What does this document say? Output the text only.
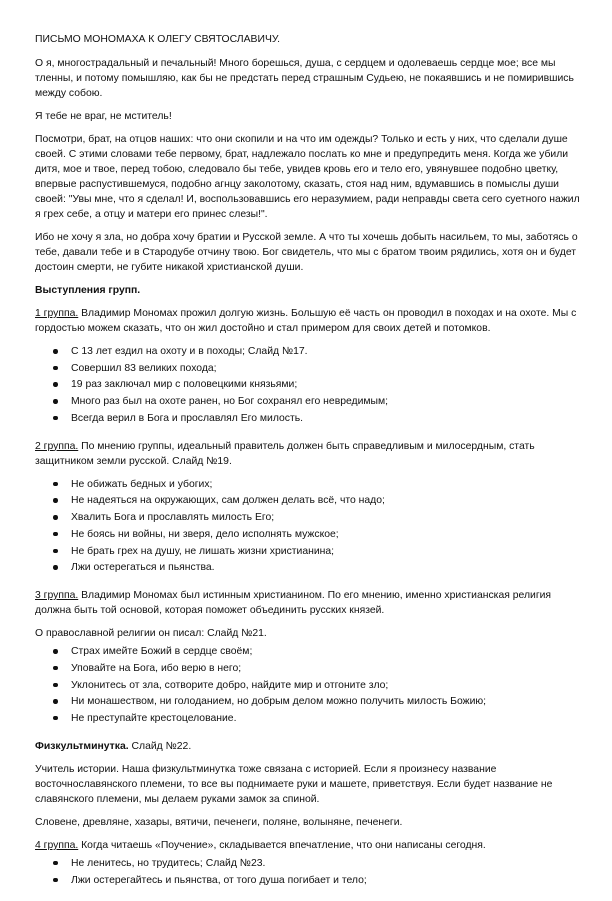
ПИСЬМО МОНОМАХА К ОЛЕГУ СВЯТОСЛАВИЧУ.

О я, многострадальный и печальный! Много борешься, душа, с сердцем и одолеваешь сердце мое; все мы тленны, и потому помышляю, как бы не предстать перед страшным Судьею, не покаявшись и не помирившись между собою.

Я тебе не враг, не мститель!

Посмотри, брат, на отцов наших: что они скопили и на что им одежды? Только и есть у них, что сделали душе своей. С этими словами тебе первому, брат, надлежало послать ко мне и предупредить меня. Когда же убили дитя, мое и твое, перед тобою, следовало бы тебе, увидев кровь его и тело его, увянувшее подобно цветку, впервые распустившемуся, подобно агнцу заколотому, сказать, стоя над ним, вдумавшись в помыслы души своей: "Увы мне, что я сделал! И, воспользовавшись его неразумием, ради неправды света сего суетного нажил я грех себе, а отцу и матери его принес слезы!".

Ибо не хочу я зла, но добра хочу братии и Русской земле. А что ты хочешь добыть насильем, то мы, заботясь о тебе, давали тебе и в Стародубе отчину твою. Бог свидетель, что мы с братом твоим рядились, хотя он и будет достоин смерти, не губите никакой христианской души.

Выступления групп.

1 группа. Владимир Мономах прожил долгую жизнь. Большую её часть он проводил в походах и на охоте. Мы с гордостью можем сказать, что он жил достойно и стал примером для своих детей и потомков.

С 13 лет ездил на охоту и в походы; Слайд №17.
Совершил 83 великих похода;
19 раз заключал мир с половецкими князьями;
Много раз был на охоте ранен, но Бог сохранял его невредимым;
Всегда верил в Бога и прославлял Его милость.

2 группа. По мнению группы, идеальный правитель должен быть справедливым и милосердным, стать защитником земли русской. Слайд №19.

Не обижать бедных и убогих;
Не надеяться на окружающих, сам должен делать всё, что надо;
Хвалить Бога и прославлять милость Его;
Не боясь ни войны, ни зверя, дело исполнять мужское;
Не брать грех на душу, не лишать жизни христианина;
Лжи остерегаться и пьянства.

3 группа. Владимир Мономах был истинным христианином. По его мнению, именно христианская религия должна быть той основой, которая поможет объединить русских князей.

О православной религии он писал: Слайд №21.

Страх имейте Божий в сердце своём;
Уповайте на Бога, ибо верю в него;
Уклонитесь от зла, сотворите добро, найдите мир и отгоните зло;
Ни монашеством, ни голоданием, но добрым делом можно получить милость Божию;
Не преступайте крестоцелование.

Физкультминутка. Слайд №22.

Учитель истории. Наша физкультминутка тоже связана с историей. Если я произнесу название восточнославянского племени, то все вы поднимаете руки и машете, приветствуя. Если будет название не славянского племени, мы делаем руками замок за спиной.

Словене, древляне, хазары, вятичи, печенеги, поляне, волыняне, печенеги.

4 группа. Когда читаешь «Поучение», складывается впечатление, что они написаны сегодня.

Не ленитесь, но трудитесь; Слайд №23.
Лжи остерегайтесь и пьянства, от того душа погибает и тело;
